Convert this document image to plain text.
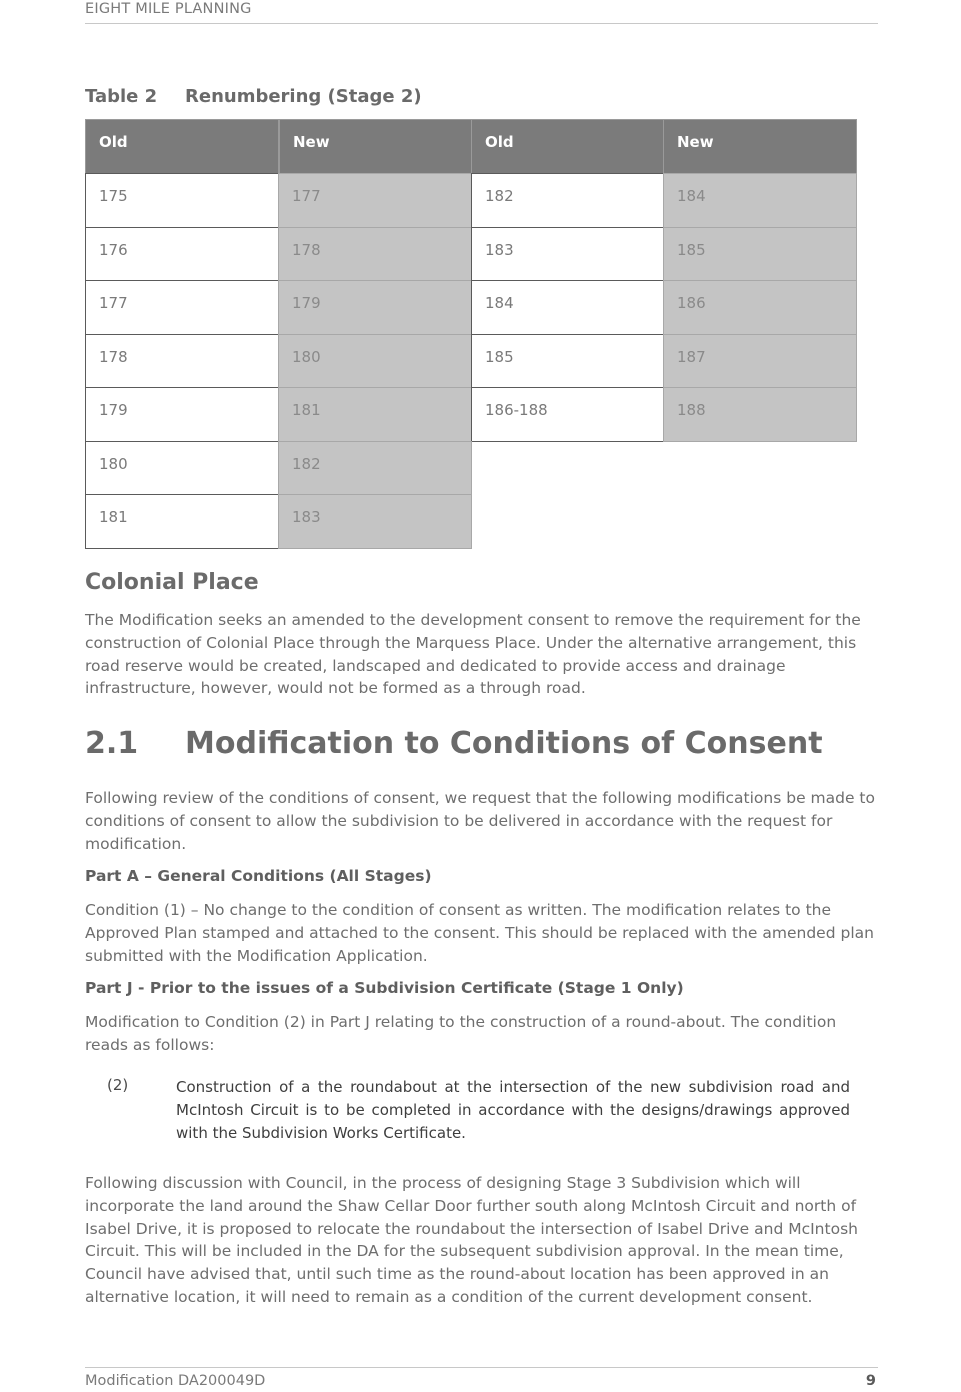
EIGHT MILE PLANNING
Table 2 Renumbering (Stage 2)
Old	New	Old	New
175	177	182	184
176	178	183	185
177	179	184	186
178	180	185	187
179	181	186-188	188
180	182
181	183
Colonial Place

The Modification seeks an amended to the development consent to remove the requirement for the construction of Colonial Place through the Marquess Place. Under the alternative arrangement, this road reserve would be created, landscaped and dedicated to provide access and drainage infrastructure, however, would not be formed as a through road.

2.1 Modification to Conditions of Consent

Following review of the conditions of consent, we request that the following modifications be made to conditions of consent to allow the subdivision to be delivered in accordance with the request for modification.

Part A – General Conditions (All Stages)

Condition (1) – No change to the condition of consent as written. The modification relates to the Approved Plan stamped and attached to the consent. This should be replaced with the amended plan submitted with the Modification Application.

Part J - Prior to the issues of a Subdivision Certificate (Stage 1 Only)

Modification to Condition (2) in Part J relating to the construction of a round-about. The condition reads as follows:

(2)	Construction of a the roundabout at the intersection of the new subdivision road and McIntosh Circuit is to be completed in accordance with the designs/drawings approved with the Subdivision Works Certificate.

Following discussion with Council, in the process of designing Stage 3 Subdivision which will incorporate the land around the Shaw Cellar Door further south along McIntosh Circuit and north of Isabel Drive, it is proposed to relocate the roundabout the intersection of Isabel Drive and McIntosh Circuit. This will be included in the DA for the subsequent subdivision approval. In the mean time, Council have advised that, until such time as the round-about location has been approved in an alternative location, it will need to remain as a condition of the current development consent.

Modification DA200049D	9
